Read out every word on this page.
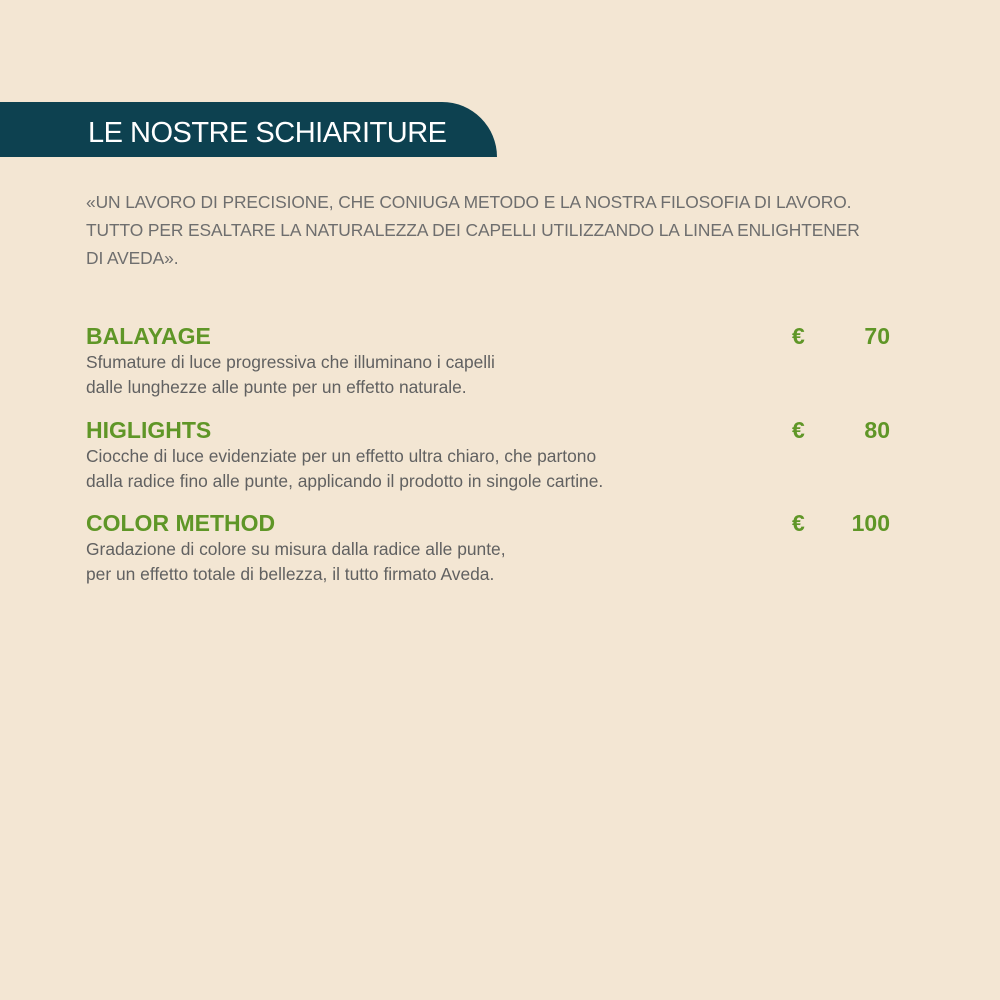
LE NOSTRE SCHIARITURE
«UN LAVORO DI PRECISIONE, CHE CONIUGA METODO E LA NOSTRA FILOSOFIA DI LAVORO.
TUTTO PER ESALTARE LA NATURALEZZA DEI CAPELLI UTILIZZANDO LA LINEA ENLIGHTENER
DI AVEDA».
BALAYAGE	€	70
Sfumature di luce progressiva che illuminano i capelli
dalle lunghezze alle punte per un effetto naturale.
HIGLIGHTS	€	80
Ciocche di luce evidenziate per un effetto ultra chiaro, che partono
dalla radice fino alle punte, applicando il prodotto in singole cartine.
COLOR METHOD	€ 100
Gradazione di colore su misura dalla radice alle punte,
per un effetto totale di bellezza, il tutto firmato Aveda.
